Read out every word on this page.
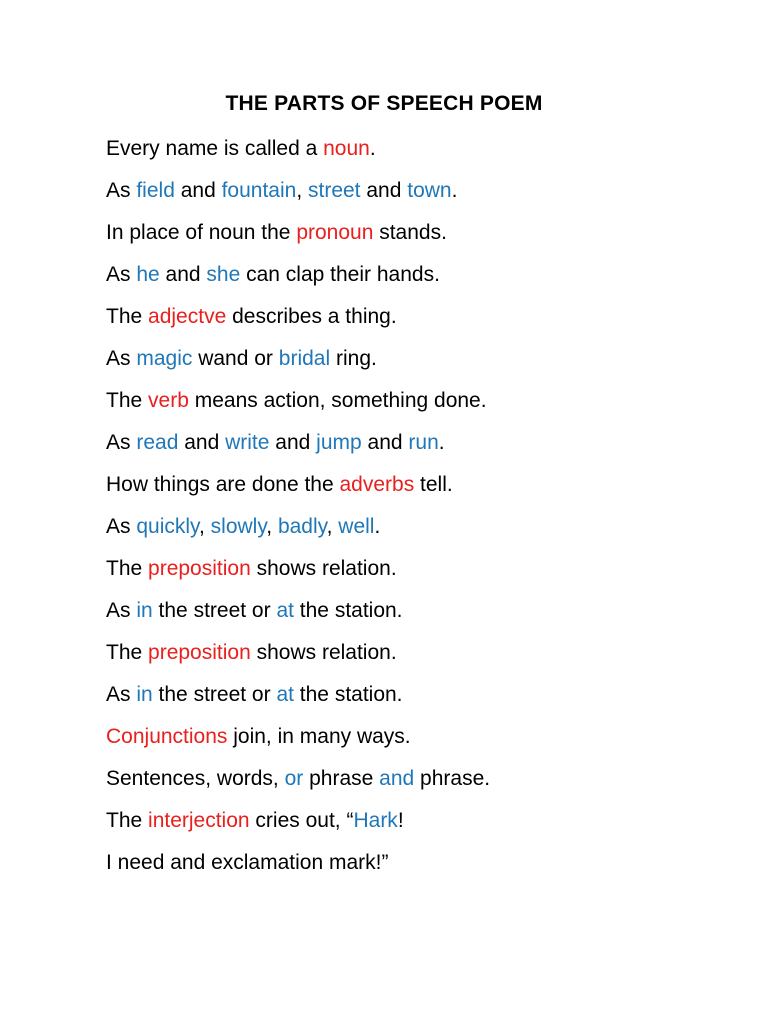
THE PARTS OF SPEECH POEM
Every name is called a noun.
As field and fountain, street and town.
In place of noun the pronoun stands.
As he and she can clap their hands.
The adjectve describes a thing.
As magic wand or bridal ring.
The verb means action, something done.
As read and write and jump and run.
How things are done the adverbs tell.
As quickly, slowly, badly, well.
The preposition shows relation.
As in the street or at the station.
The preposition shows relation.
As in the street or at the station.
Conjunctions join, in many ways.
Sentences, words, or phrase and phrase.
The interjection cries out, “Hark!
I need and exclamation mark!”
